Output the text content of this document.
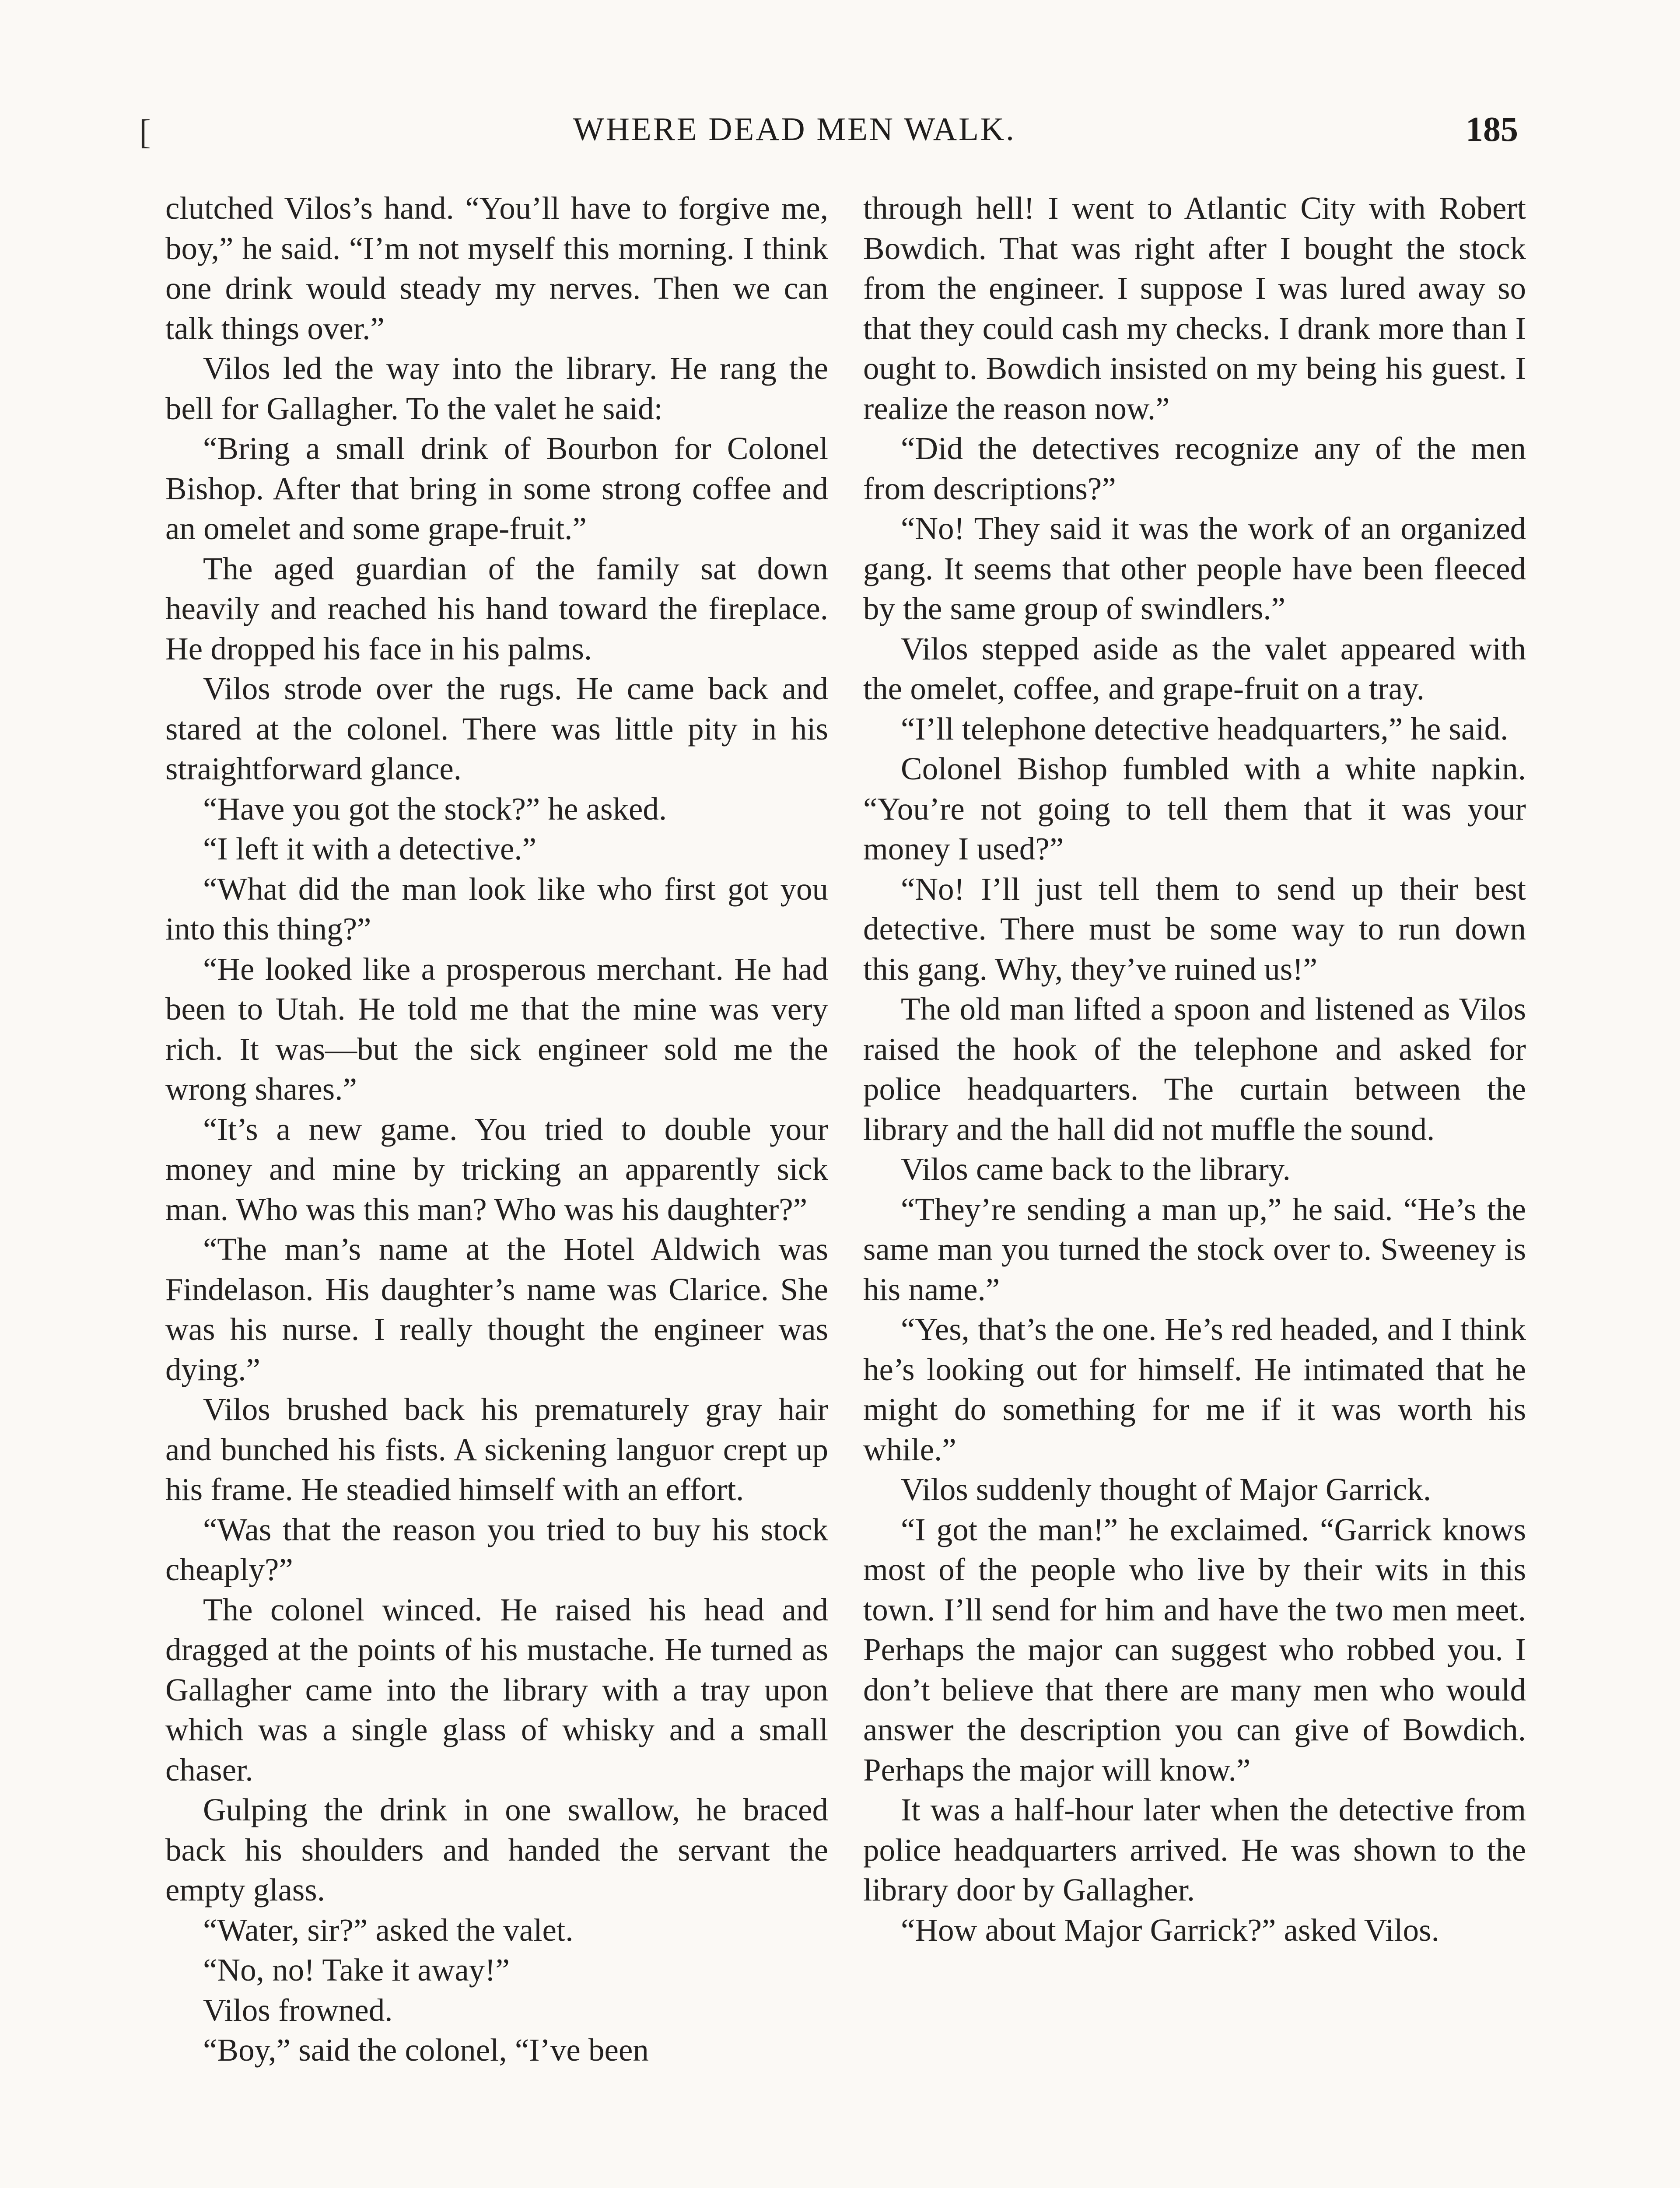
[	WHERE DEAD MEN WALK.	185

clutched Vilos’s hand. “You’ll have to forgive me, boy,” he said. “I’m not myself this morning. I think one drink would steady my nerves. Then we can talk things over.”

Vilos led the way into the library. He rang the bell for Gallagher. To the valet he said:

“Bring a small drink of Bourbon for Colonel Bishop. After that bring in some strong coffee and an omelet and some grape-fruit.”

The aged guardian of the family sat down heavily and reached his hand toward the fireplace. He dropped his face in his palms.

Vilos strode over the rugs. He came back and stared at the colonel. There was little pity in his straightforward glance.

“Have you got the stock?” he asked.

“I left it with a detective.”

“What did the man look like who first got you into this thing?”

“He looked like a prosperous merchant. He had been to Utah. He told me that the mine was very rich. It was—but the sick engineer sold me the wrong shares.”

“It’s a new game. You tried to double your money and mine by tricking an apparently sick man. Who was this man? Who was his daughter?”

“The man’s name at the Hotel Aldwich was Findelason. His daughter’s name was Clarice. She was his nurse. I really thought the engineer was dying.”

Vilos brushed back his prematurely gray hair and bunched his fists. A sickening languor crept up his frame. He steadied himself with an effort.

“Was that the reason you tried to buy his stock cheaply?”

The colonel winced. He raised his head and dragged at the points of his mustache. He turned as Gallagher came into the library with a tray upon which was a single glass of whisky and a small chaser.

Gulping the drink in one swallow, he braced back his shoulders and handed the servant the empty glass.

“Water, sir?” asked the valet.

“No, no! Take it away!”

Vilos frowned.

“Boy,” said the colonel, “I’ve been

through hell! I went to Atlantic City with Robert Bowdich. That was right after I bought the stock from the engineer. I suppose I was lured away so that they could cash my checks. I drank more than I ought to. Bowdich insisted on my being his guest. I realize the reason now.”

“Did the detectives recognize any of the men from descriptions?”

“No! They said it was the work of an organized gang. It seems that other people have been fleeced by the same group of swindlers.”

Vilos stepped aside as the valet appeared with the omelet, coffee, and grape-fruit on a tray.

“I’ll telephone detective headquarters,” he said.

Colonel Bishop fumbled with a white napkin. “You’re not going to tell them that it was your money I used?”

“No! I’ll just tell them to send up their best detective. There must be some way to run down this gang. Why, they’ve ruined us!”

The old man lifted a spoon and listened as Vilos raised the hook of the telephone and asked for police headquarters. The curtain between the library and the hall did not muffle the sound.

Vilos came back to the library.

“They’re sending a man up,” he said. “He’s the same man you turned the stock over to. Sweeney is his name.”

“Yes, that’s the one. He’s red headed, and I think he’s looking out for himself. He intimated that he might do something for me if it was worth his while.”

Vilos suddenly thought of Major Garrick.

“I got the man!” he exclaimed. “Garrick knows most of the people who live by their wits in this town. I’ll send for him and have the two men meet. Perhaps the major can suggest who robbed you. I don’t believe that there are many men who would answer the description you can give of Bowdich. Perhaps the major will know.”

It was a half-hour later when the detective from police headquarters arrived. He was shown to the library door by Gallagher.

“How about Major Garrick?” asked Vilos.
